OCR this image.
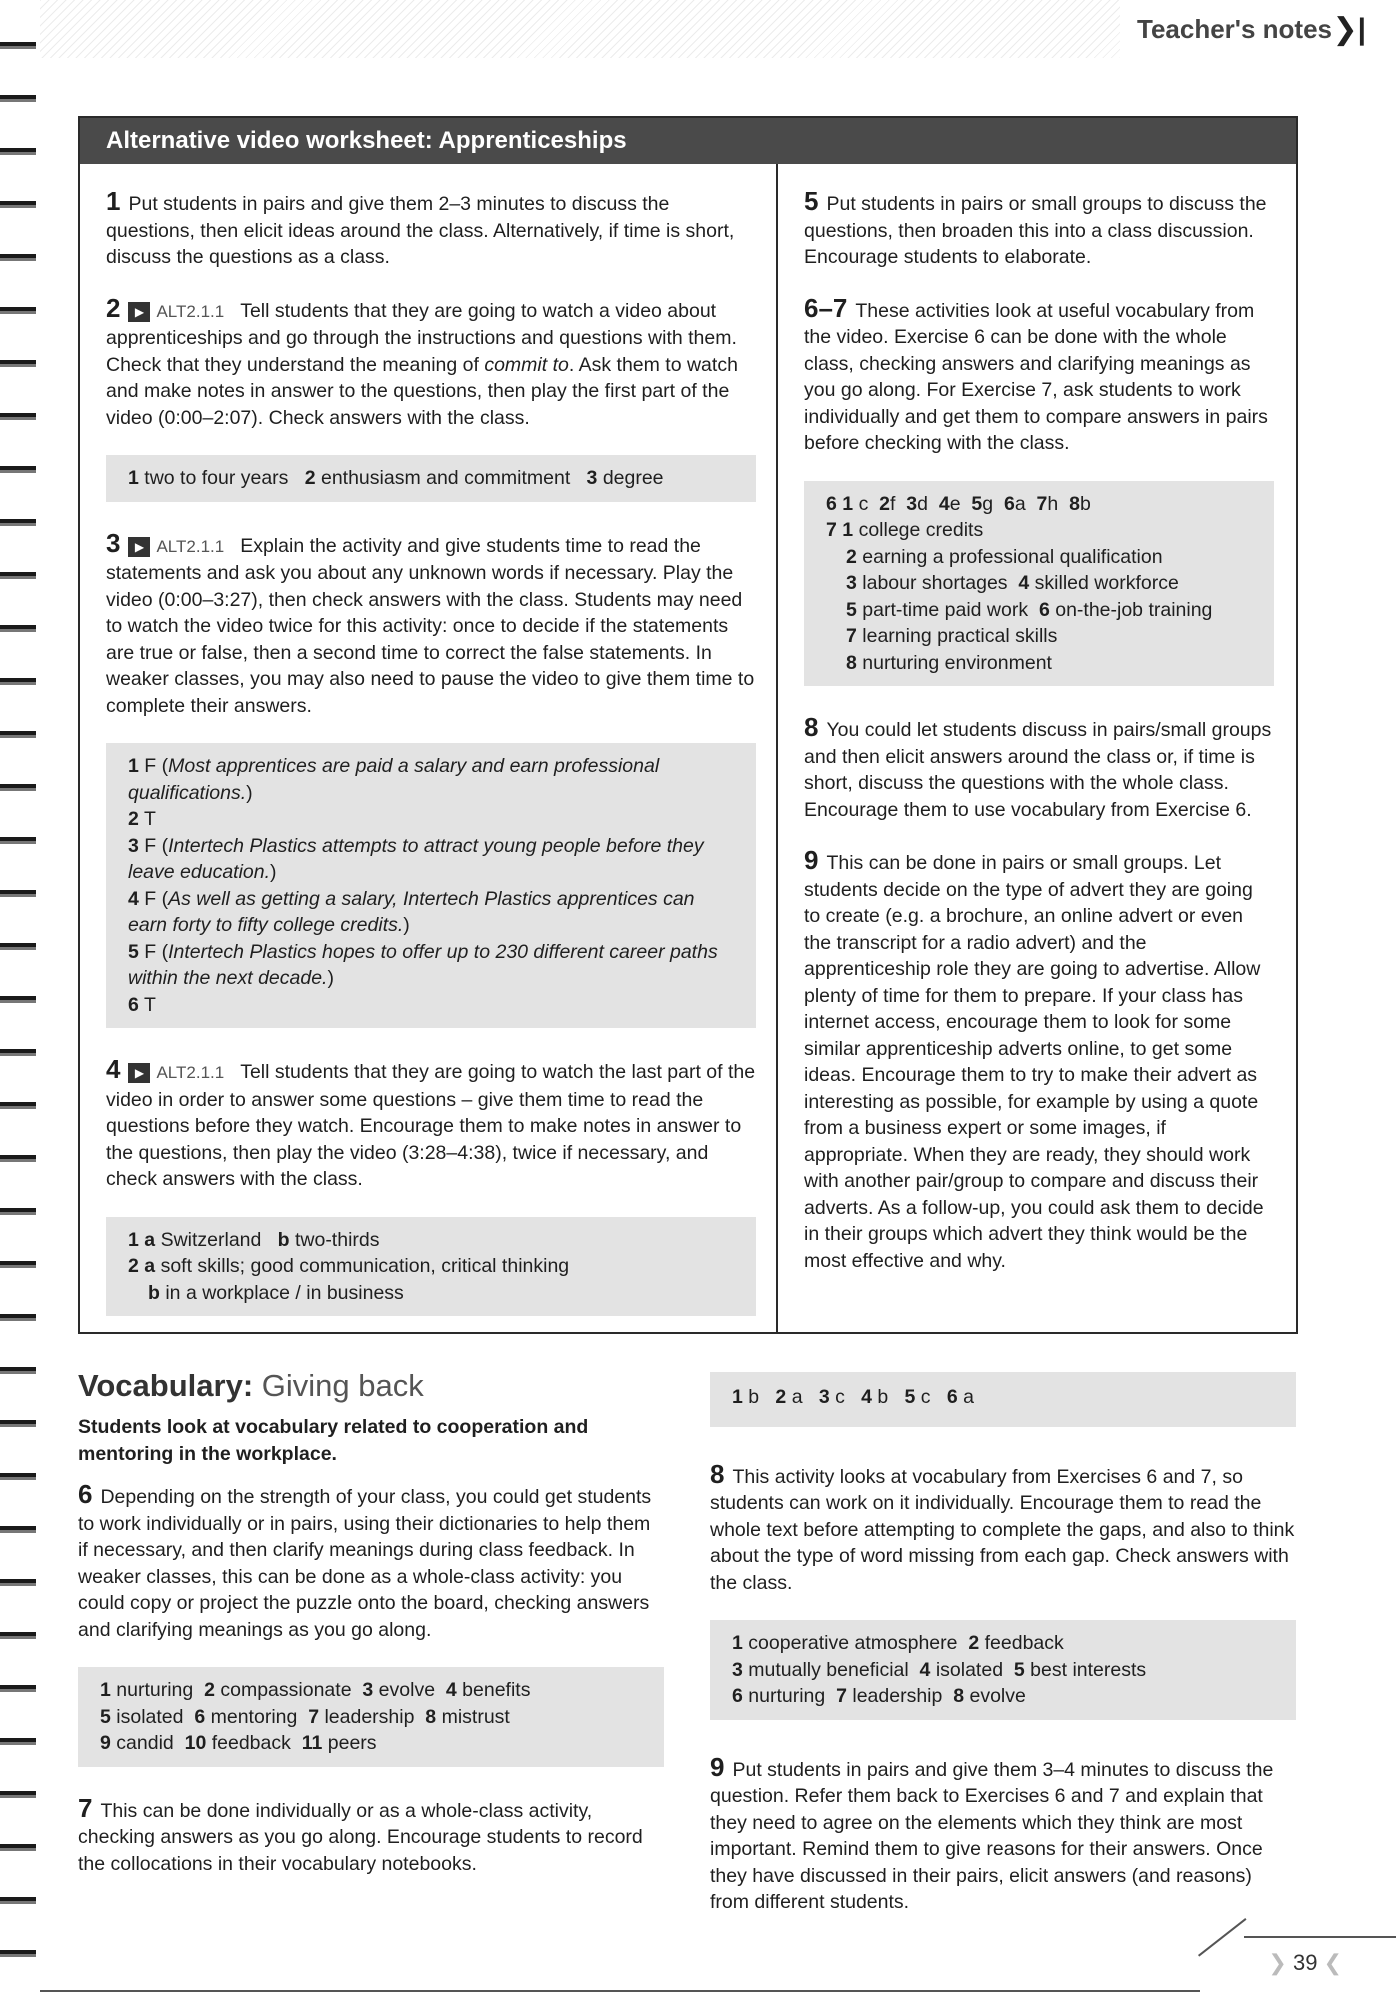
Teacher's notes ❯|
Alternative video worksheet: Apprenticeships

1 Put students in pairs and give them 2–3 minutes to discuss the questions, then elicit ideas around the class. Alternatively, if time is short, discuss the questions as a class.

2 ▶ ALT2.1.1 Tell students that they are going to watch a video about apprenticeships and go through the instructions and questions with them. Check that they understand the meaning of commit to. Ask them to watch and make notes in answer to the questions, then play the first part of the video (0:00–2:07). Check answers with the class.

1 two to four years 2 enthusiasm and commitment 3 degree

3 ▶ ALT2.1.1 Explain the activity and give students time to read the statements and ask you about any unknown words if necessary. Play the video (0:00–3:27), then check answers with the class. Students may need to watch the video twice for this activity: once to decide if the statements are true or false, then a second time to correct the false statements. In weaker classes, you may also need to pause the video to give them time to complete their answers.

1 F (Most apprentices are paid a salary and earn professional qualifications.)

2 T

3 F (Intertech Plastics attempts to attract young people before they leave education.)

4 F (As well as getting a salary, Intertech Plastics apprentices can earn forty to fifty college credits.)

5 F (Intertech Plastics hopes to offer up to 230 different career paths within the next decade.)

6 T

4 ▶ ALT2.1.1 Tell students that they are going to watch the last part of the video in order to answer some questions – give them time to read the questions before they watch. Encourage them to make notes in answer to the questions, then play the video (3:28–4:38), twice if necessary, and check answers with the class.

1 a Switzerland b two-thirds

2 a soft skills; good communication, critical thinking

b in a workplace / in business

5 Put students in pairs or small groups to discuss the questions, then broaden this into a class discussion. Encourage students to elaborate.

6–7 These activities look at useful vocabulary from the video. Exercise 6 can be done with the whole class, checking answers and clarifying meanings as you go along. For Exercise 7, ask students to work individually and get them to compare answers in pairs before checking with the class.

6 1 c 2f 3d 4e 5g 6a 7h 8b

7 1 college credits

2 earning a professional qualification

3 labour shortages 4 skilled workforce

5 part-time paid work 6 on-the-job training

7 learning practical skills

8 nurturing environment

8 You could let students discuss in pairs/small groups and then elicit answers around the class or, if time is short, discuss the questions with the whole class. Encourage them to use vocabulary from Exercise 6.

9 This can be done in pairs or small groups. Let students decide on the type of advert they are going to create (e.g. a brochure, an online advert or even the transcript for a radio advert) and the apprenticeship role they are going to advertise. Allow plenty of time for them to prepare. If your class has internet access, encourage them to look for some similar apprenticeship adverts online, to get some ideas. Encourage them to try to make their advert as interesting as possible, for example by using a quote from a business expert or some images, if appropriate. When they are ready, they should work with another pair/group to compare and discuss their adverts. As a follow-up, you could ask them to decide in their groups which advert they think would be the most effective and why.

Vocabulary: Giving back

Students look at vocabulary related to cooperation and mentoring in the workplace.

6 Depending on the strength of your class, you could get students to work individually or in pairs, using their dictionaries to help them if necessary, and then clarify meanings during class feedback. In weaker classes, this can be done as a whole-class activity: you could copy or project the puzzle onto the board, checking answers and clarifying meanings as you go along.

1 nurturing 2 compassionate 3 evolve 4 benefits

5 isolated 6 mentoring 7 leadership 8 mistrust

9 candid 10 feedback 11 peers

7 This can be done individually or as a whole-class activity, checking answers as you go along. Encourage students to record the collocations in their vocabulary notebooks.

1 b 2 a 3 c 4 b 5 c 6 a

8 This activity looks at vocabulary from Exercises 6 and 7, so students can work on it individually. Encourage them to read the whole text before attempting to complete the gaps, and also to think about the type of word missing from each gap. Check answers with the class.

1 cooperative atmosphere 2 feedback

3 mutually beneficial 4 isolated 5 best interests

6 nurturing 7 leadership 8 evolve

9 Put students in pairs and give them 3–4 minutes to discuss the question. Refer them back to Exercises 6 and 7 and explain that they need to agree on the elements which they think are most important. Remind them to give reasons for their answers. Once they have discussed in their pairs, elicit answers (and reasons) from different students.

❯ 39 ❮
